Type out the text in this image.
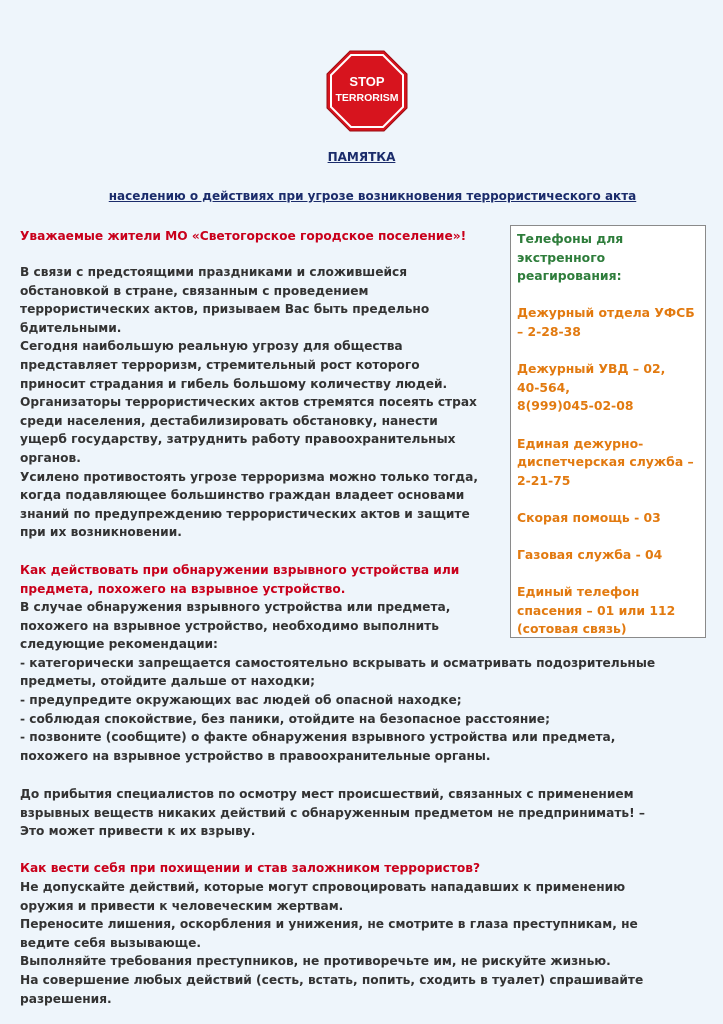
STOP
TERRORISM
ПАМЯТКА
населению о действиях при угрозе возникновения террористического акта
Уважаемые жители МО «Светогорское городское поселение»!
В связи с предстоящими праздниками и сложившейся
обстановкой в стране, связанным с проведением
террористических актов, призываем Вас быть предельно
бдительными.
Сегодня наибольшую реальную угрозу для общества
представляет терроризм, стремительный рост которого
приносит страдания и гибель большому количеству людей.
Организаторы террористических актов стремятся посеять страх
среди населения, дестабилизировать обстановку, нанести
ущерб государству, затруднить работу правоохранительных
органов.
Усилено противостоять угрозе терроризма можно только тогда,
когда подавляющее большинство граждан владеет основами
знаний по предупреждению террористических актов и защите
при их возникновении.
Как действовать при обнаружении взрывного устройства или
предмета, похожего на взрывное устройство.
В случае обнаружения взрывного устройства или предмета,
похожего на взрывное устройство, необходимо выполнить
следующие рекомендации:
- категорически запрещается самостоятельно вскрывать и осматривать подозрительные
предметы, отойдите дальше от находки;
- предупредите окружающих вас людей об опасной находке;
- соблюдая спокойствие, без паники, отойдите на безопасное расстояние;
- позвоните (сообщите) о факте обнаружения взрывного устройства или предмета,
похожего на взрывное устройство в правоохранительные органы.
До прибытия специалистов по осмотру мест происшествий, связанных с применением
взрывных веществ никаких действий с обнаруженным предметом не предпринимать! –
Это может привести к их взрыву.
Как вести себя при похищении и став заложником террористов?
Не допускайте действий, которые могут спровоцировать нападавших к применению
оружия и привести к человеческим жертвам.
Переносите лишения, оскорбления и унижения, не смотрите в глаза преступникам, не
ведите себя вызывающе.
Выполняйте требования преступников, не противоречьте им, не рискуйте жизнью.
На совершение любых действий (сесть, встать, попить, сходить в туалет) спрашивайте
разрешения.
Телефоны для
экстренного
реагирования:
Дежурный отдела УФСБ
– 2-28-38
Дежурный УВД – 02,
40-564,
8(999)045-02-08
Единая дежурно-
диспетчерская служба –
2-21-75
Скорая помощь - 03
Газовая служба - 04
Единый телефон
спасения – 01 или 112
(сотовая связь)
